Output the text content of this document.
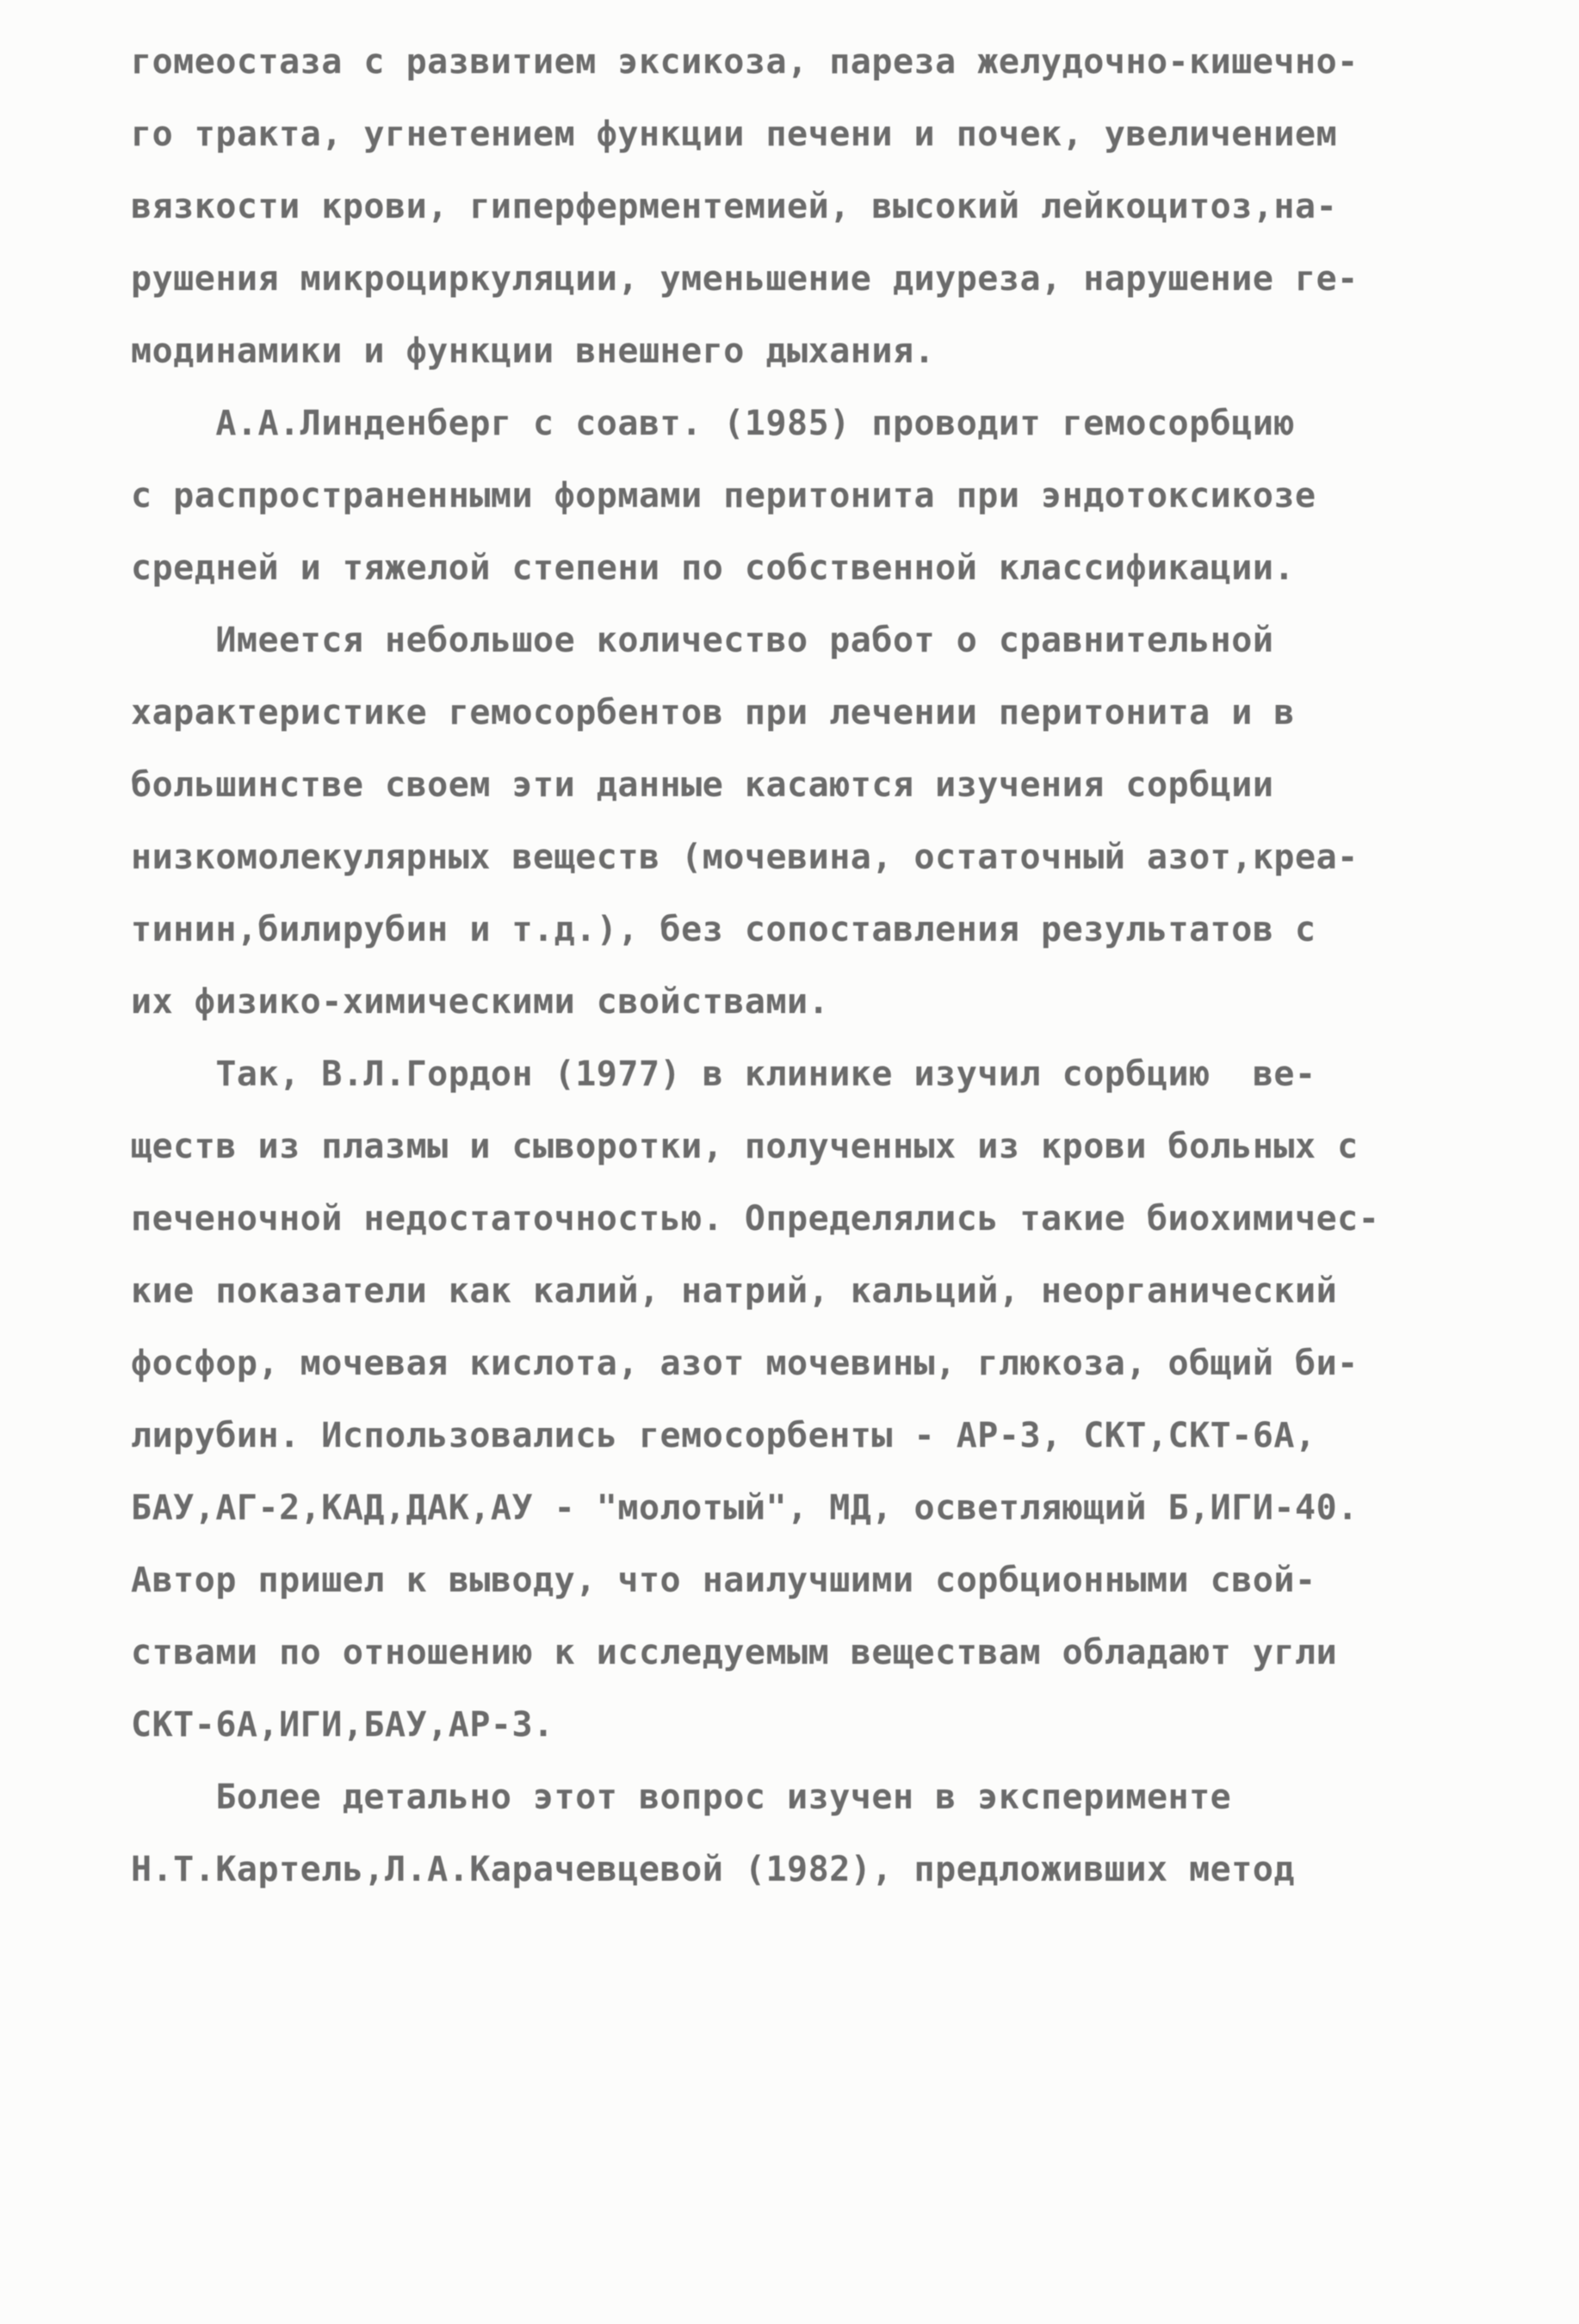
гомеостаза с развитием эксикоза, пареза желудочно-кишечно-
го тракта, угнетением функции печени и почек, увеличением
вязкости крови, гиперферментемией, высокий лейкоцитоз,на-
рушения микроциркуляции, уменьшение диуреза, нарушение ге-
модинамики и функции внешнего дыхания.
А.А.Линденберг с соавт. (1985) проводит гемосорбцию
с распространенными формами перитонита при эндотоксикозе
средней и тяжелой степени по собственной классификации.
Имеется небольшое количество работ о сравнительной
характеристике гемосорбентов при лечении перитонита и в
большинстве своем эти данные касаются изучения сорбции
низкомолекулярных веществ (мочевина, остаточный азот,креа-
тинин,билирубин и т.д.), без сопоставления результатов с
их физико-химическими свойствами.
Так, В.Л.Гордон (1977) в клинике изучил сорбцию  ве-
ществ из плазмы и сыворотки, полученных из крови больных с
печеночной недостаточностью. Определялись такие биохимичес-
кие показатели как калий, натрий, кальций, неорганический
фосфор, мочевая кислота, азот мочевины, глюкоза, общий би-
лирубин. Использовались гемосорбенты - АР-3, СКТ,СКТ-6А,
БАУ,АГ-2,КАД,ДАК,АУ - "молотый", МД, осветляющий Б,ИГИ-40.
Автор пришел к выводу, что наилучшими сорбционными свой-
ствами по отношению к исследуемым веществам обладают угли
СКТ-6А,ИГИ,БАУ,АР-3.
Более детально этот вопрос изучен в эксперименте
Н.Т.Картель,Л.А.Карачевцевой (1982), предложивших метод
